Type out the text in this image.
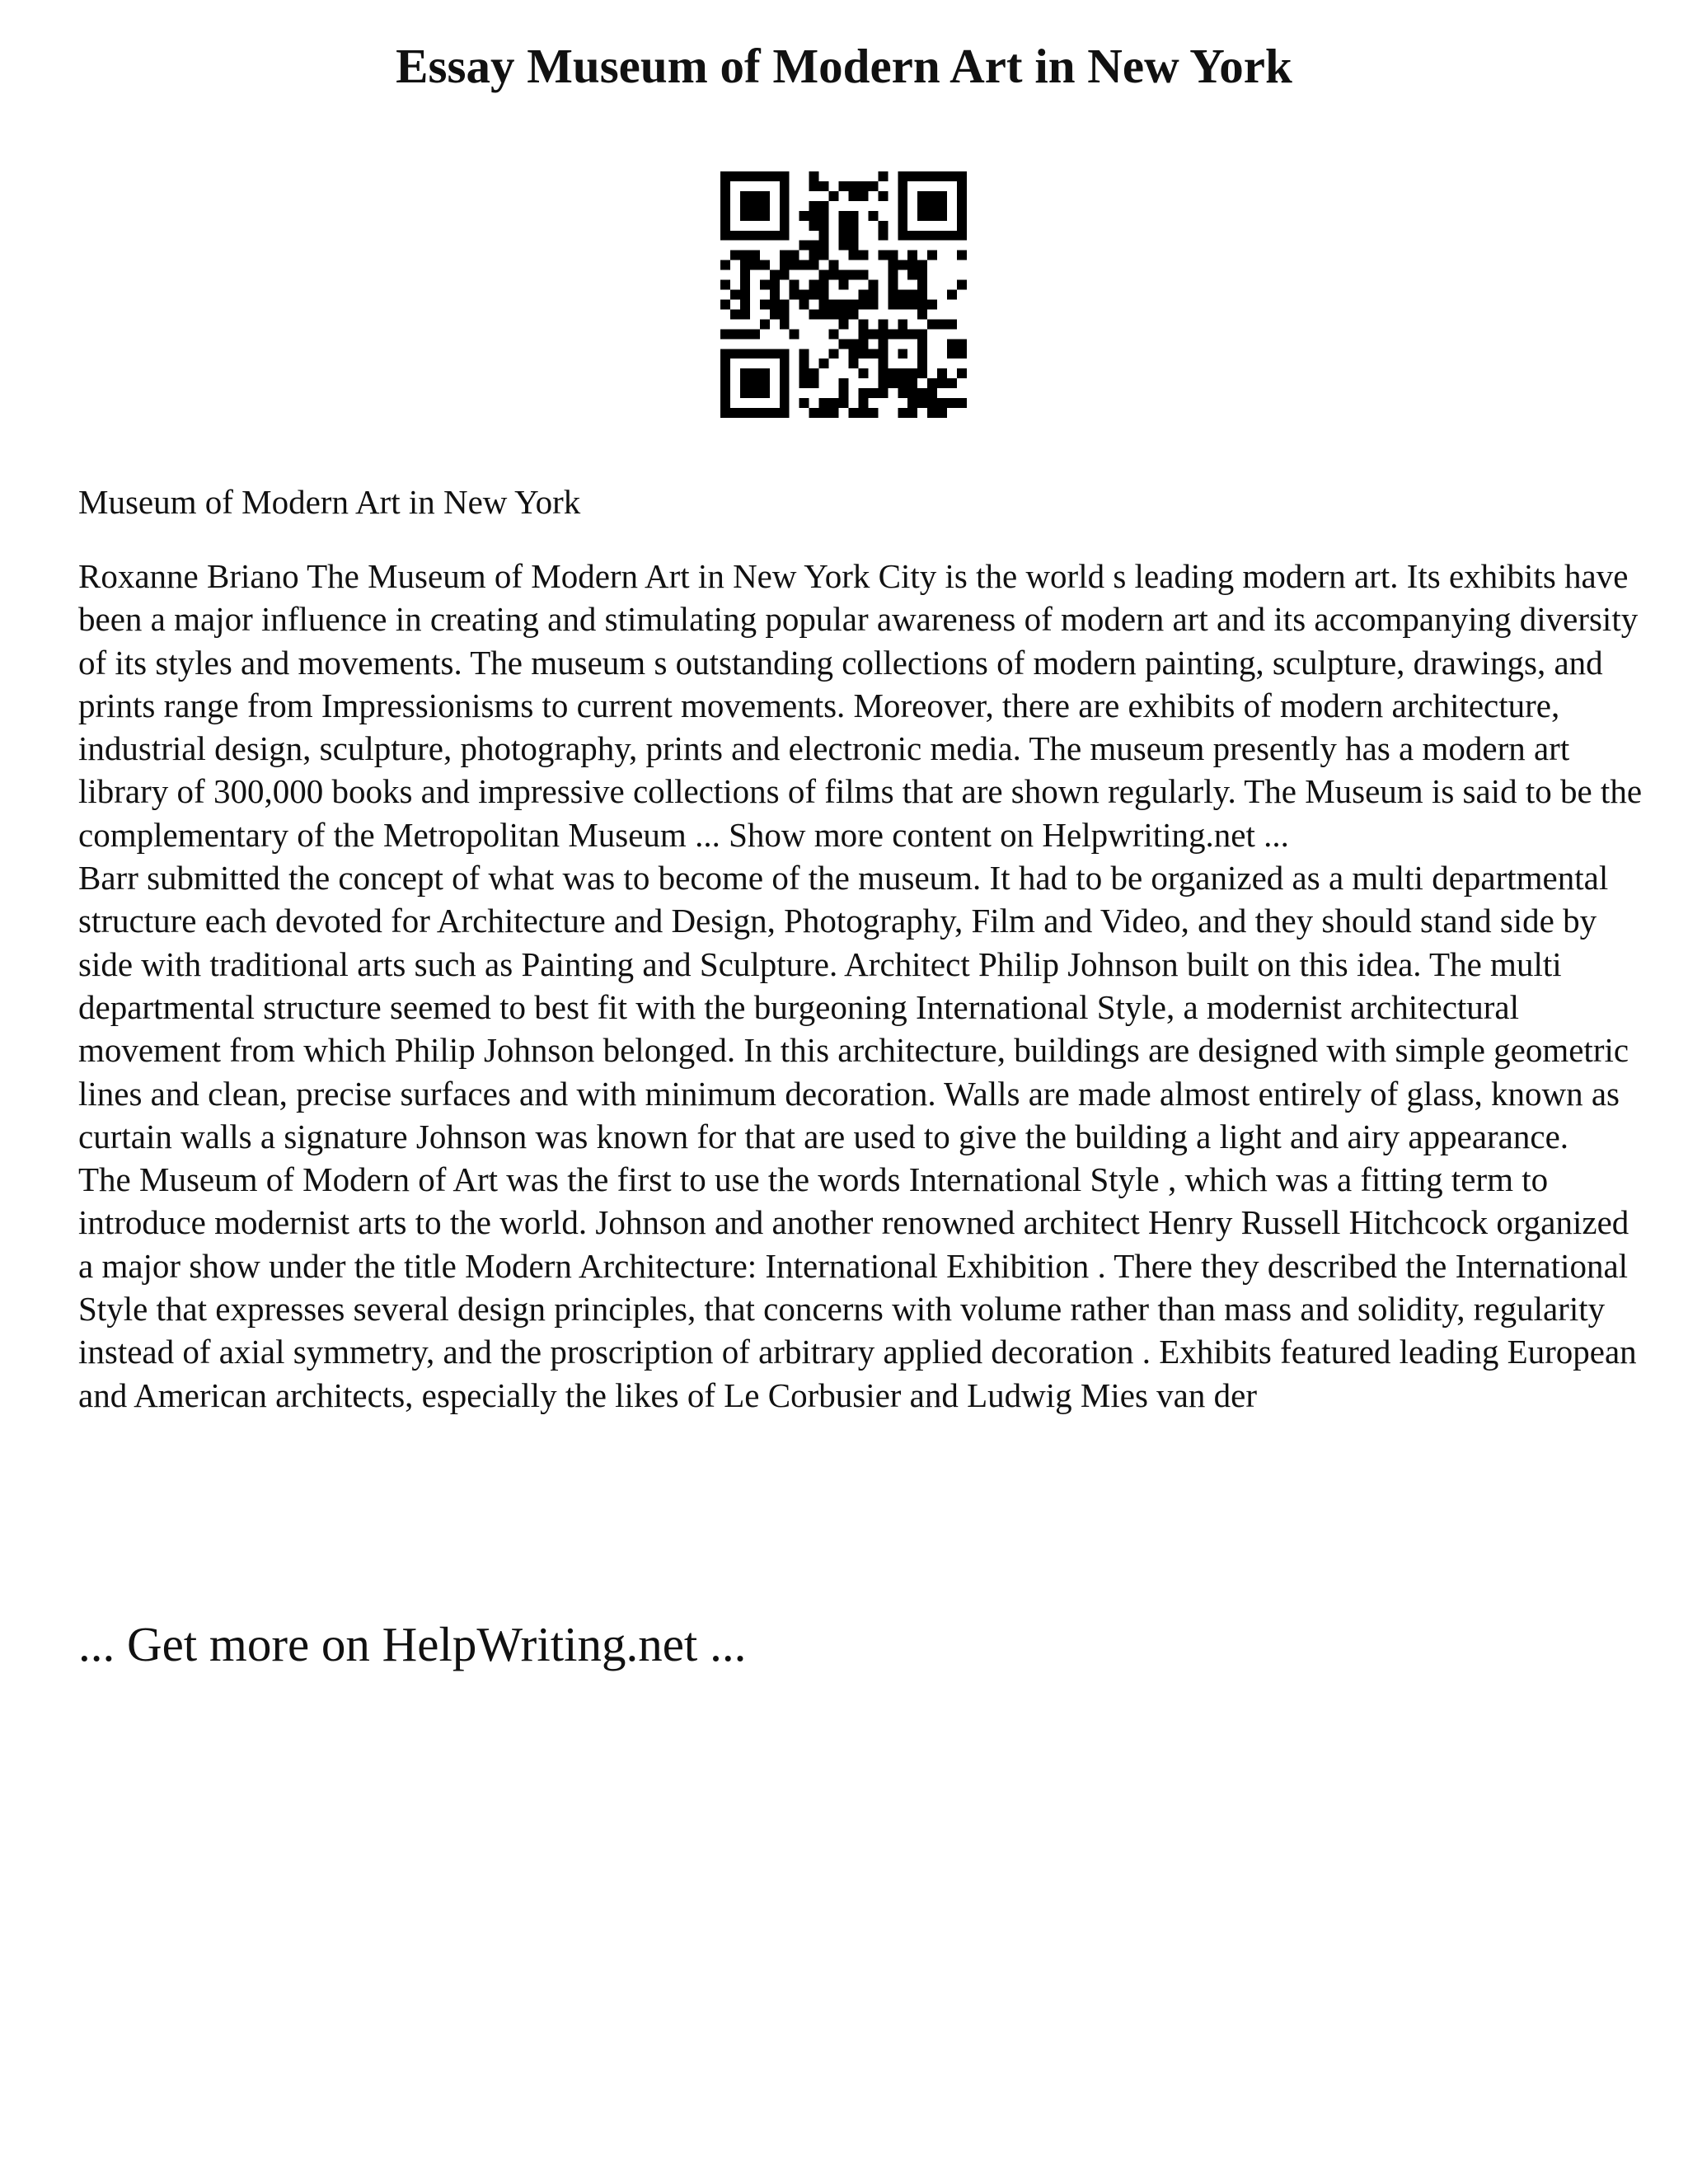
Essay Museum of Modern Art in New York

Museum of Modern Art in New York

Roxanne Briano The Museum of Modern Art in New York City is the world s leading modern art. Its exhibits have been a major influence in creating and stimulating popular awareness of modern art and its accompanying diversity of its styles and movements. The museum s outstanding collections of modern painting, sculpture, drawings, and prints range from Impressionisms to current movements. Moreover, there are exhibits of modern architecture, industrial design, sculpture, photography, prints and electronic media. The museum presently has a modern art library of 300,000 books and impressive collections of films that are shown regularly. The Museum is said to be the complementary of the Metropolitan Museum ... Show more content on Helpwriting.net ...

Barr submitted the concept of what was to become of the museum. It had to be organized as a multi departmental structure each devoted for Architecture and Design, Photography, Film and Video, and they should stand side by side with traditional arts such as Painting and Sculpture. Architect Philip Johnson built on this idea. The multi departmental structure seemed to best fit with the burgeoning International Style, a modernist architectural movement from which Philip Johnson belonged. In this architecture, buildings are designed with simple geometric lines and clean, precise surfaces and with minimum decoration. Walls are made almost entirely of glass, known as curtain walls a signature Johnson was known for that are used to give the building a light and airy appearance.

The Museum of Modern of Art was the first to use the words International Style , which was a fitting term to introduce modernist arts to the world. Johnson and another renowned architect Henry Russell Hitchcock organized a major show under the title Modern Architecture: International Exhibition . There they described the International Style that expresses several design principles, that concerns with volume rather than mass and solidity, regularity instead of axial symmetry, and the proscription of arbitrary applied decoration . Exhibits featured leading European and American architects, especially the likes of Le Corbusier and Ludwig Mies van der

... Get more on HelpWriting.net ...
